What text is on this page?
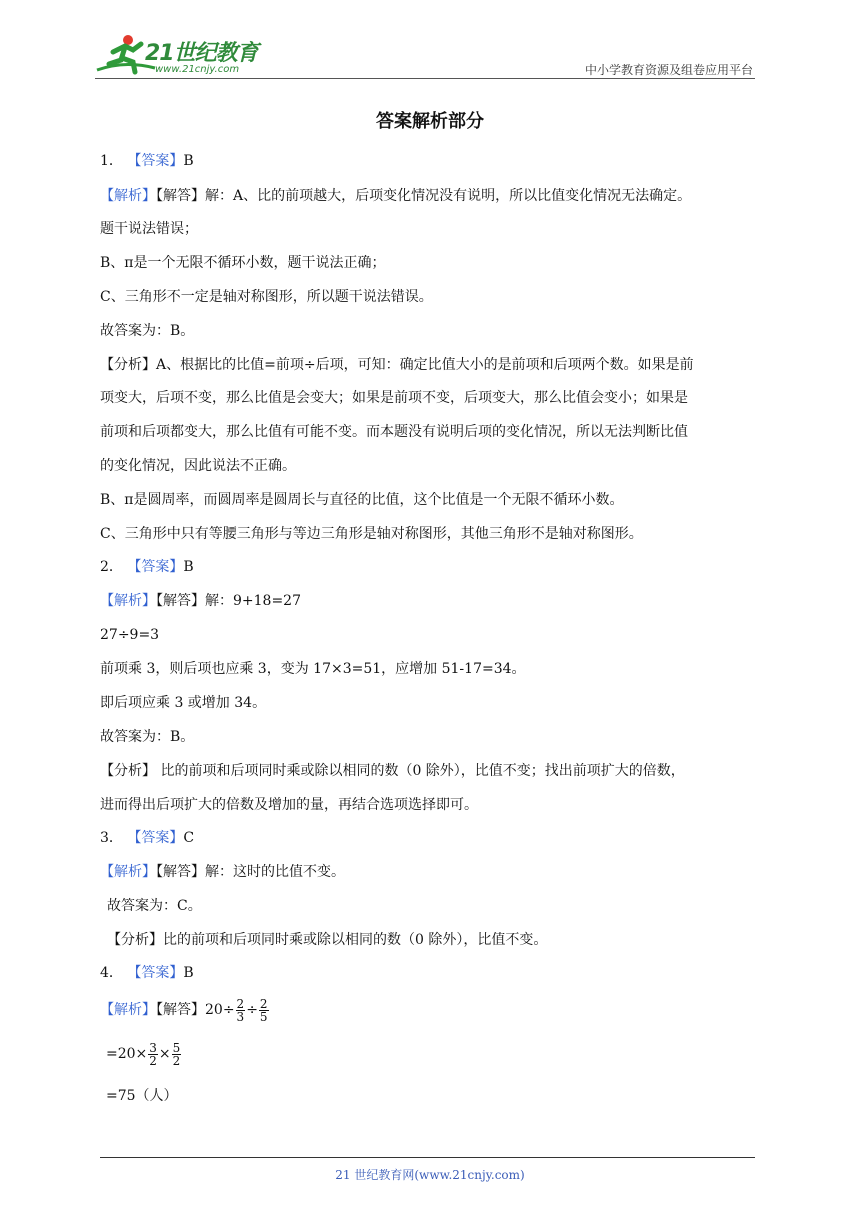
21世纪教育
www.21cnjy.com	中小学教育资源及组卷应用平台
答案解析部分
1． 【答案】B
【解析】【解答】解：A、比的前项越大，后项变化情况没有说明，所以比值变化情况无法确定。
题干说法错误；
B、π是一个无限不循环小数，题干说法正确；
C、三角形不一定是轴对称图形，所以题干说法错误。
故答案为：B。
【分析】A、根据比的比值=前项÷后项，可知：确定比值大小的是前项和后项两个数。如果是前
项变大，后项不变，那么比值是会变大；如果是前项不变，后项变大，那么比值会变小；如果是
前项和后项都变大，那么比值有可能不变。而本题没有说明后项的变化情况，所以无法判断比值
的变化情况，因此说法不正确。
B、π是圆周率，而圆周率是圆周长与直径的比值，这个比值是一个无限不循环小数。
C、三角形中只有等腰三角形与等边三角形是轴对称图形，其他三角形不是轴对称图形。
2． 【答案】B
【解析】【解答】解：9+18=27
27÷9=3
前项乘 3，则后项也应乘 3，变为 17×3=51，应增加 51-17=34。
即后项应乘 3 或增加 34。
故答案为：B。
【分析】 比的前项和后项同时乘或除以相同的数（0 除外），比值不变；找出前项扩大的倍数，
进而得出后项扩大的倍数及增加的量，再结合选项选择即可。
3． 【答案】C
【解析】【解答】解：这时的比值不变。
故答案为：C。
【分析】比的前项和后项同时乘或除以相同的数（0 除外），比值不变。
4． 【答案】B
【解析】【解答】$20\div \frac{2}{3} \div \frac{2}{5}$
$=20\times \frac{3}{2} \times \frac{5}{2}$
=75（人）
21 世纪教育网(www.21cnjy.com)
